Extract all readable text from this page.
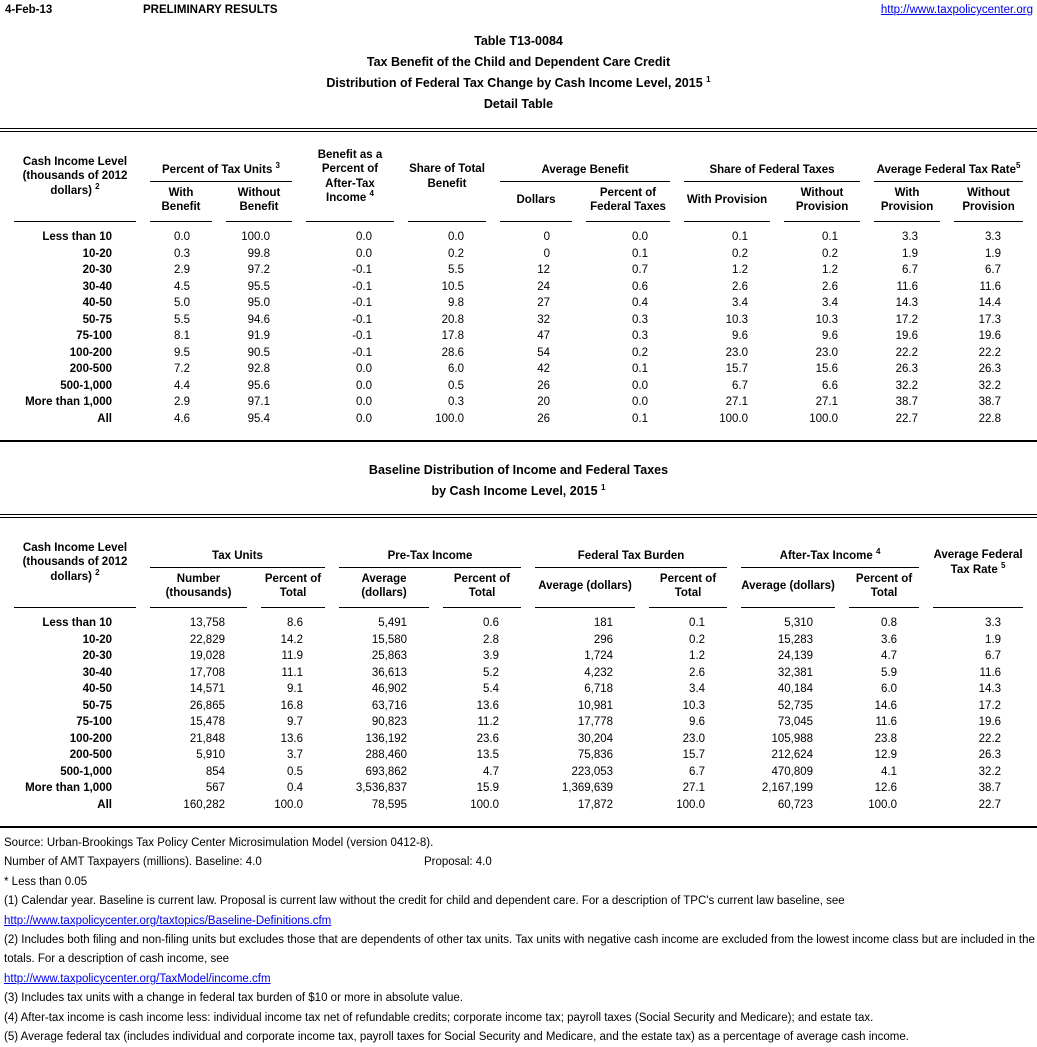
4-Feb-13	PRELIMINARY RESULTS	http://www.taxpolicycenter.org
Table T13-0084
Tax Benefit of the Child and Dependent Care Credit
Distribution of Federal Tax Change by Cash Income Level, 2015 $^1$
Detail Table
Cash Income Level (thousands of 2012 dollars) $^2$	Percent of Tax Units $^3$		Benefit as a Percent of After-Tax Income $^4$	Share of Total Benefit	Average Benefit		Share of Federal Taxes		Average Federal Tax Rate$^5$
	With Benefit	Without Benefit			Dollars	Percent of Federal Taxes	With Provision	Without Provision	With Provision	Without Provision
Less than 10	0.0	100.0	0.0	0.0	0	0.0	0.1	0.1	3.3	3.3
10-20	0.3	99.8	0.0	0.2	0	0.1	0.2	0.2	1.9	1.9
20-30	2.9	97.2	-0.1	5.5	12	0.7	1.2	1.2	6.7	6.7
30-40	4.5	95.5	-0.1	10.5	24	0.6	2.6	2.6	11.6	11.6
40-50	5.0	95.0	-0.1	9.8	27	0.4	3.4	3.4	14.3	14.4
50-75	5.5	94.6	-0.1	20.8	32	0.3	10.3	10.3	17.2	17.3
75-100	8.1	91.9	-0.1	17.8	47	0.3	9.6	9.6	19.6	19.6
100-200	9.5	90.5	-0.1	28.6	54	0.2	23.0	23.0	22.2	22.2
200-500	7.2	92.8	0.0	6.0	42	0.1	15.7	15.6	26.3	26.3
500-1,000	4.4	95.6	0.0	0.5	26	0.0	6.7	6.6	32.2	32.2
More than 1,000	2.9	97.1	0.0	0.3	20	0.0	27.1	27.1	38.7	38.7
All	4.6	95.4	0.0	100.0	26	0.1	100.0	100.0	22.7	22.8
Baseline Distribution of Income and Federal Taxes
by Cash Income Level, 2015 $^1$
Cash Income Level (thousands of 2012 dollars) $^2$	Tax Units		Pre-Tax Income		Federal Tax Burden		After-Tax Income $^4$		Average Federal Tax Rate $^5$
	Number (thousands)	Percent of Total	Average (dollars)	Percent of Total	Average (dollars)	Percent of Total	Average (dollars)	Percent of Total	
Less than 10	13,758	8.6	5,491	0.6	181	0.1	5,310	0.8	3.3
10-20	22,829	14.2	15,580	2.8	296	0.2	15,283	3.6	1.9
20-30	19,028	11.9	25,863	3.9	1,724	1.2	24,139	4.7	6.7
30-40	17,708	11.1	36,613	5.2	4,232	2.6	32,381	5.9	11.6
40-50	14,571	9.1	46,902	5.4	6,718	3.4	40,184	6.0	14.3
50-75	26,865	16.8	63,716	13.6	10,981	10.3	52,735	14.6	17.2
75-100	15,478	9.7	90,823	11.2	17,778	9.6	73,045	11.6	19.6
100-200	21,848	13.6	136,192	23.6	30,204	23.0	105,988	23.8	22.2
200-500	5,910	3.7	288,460	13.5	75,836	15.7	212,624	12.9	26.3
500-1,000	854	0.5	693,862	4.7	223,053	6.7	470,809	4.1	32.2
More than 1,000	567	0.4	3,536,837	15.9	1,369,639	27.1	2,167,199	12.6	38.7
All	160,282	100.0	78,595	100.0	17,872	100.0	60,723	100.0	22.7
Source: Urban-Brookings Tax Policy Center Microsimulation Model (version 0412-8).
Number of AMT Taxpayers (millions). Baseline: 4.0	Proposal: 4.0
* Less than 0.05
(1) Calendar year. Baseline is current law. Proposal is current law without the credit for child and dependent care. For a description of TPC's current law baseline, see
http://www.taxpolicycenter.org/taxtopics/Baseline-Definitions.cfm
(2) Includes both filing and non-filing units but excludes those that are dependents of other tax units. Tax units with negative cash income are excluded from the lowest income class but are included in the totals. For a description of cash income, see
http://www.taxpolicycenter.org/TaxModel/income.cfm
(3) Includes tax units with a change in federal tax burden of $10 or more in absolute value.
(4) After-tax income is cash income less: individual income tax net of refundable credits; corporate income tax; payroll taxes (Social Security and Medicare); and estate tax.
(5) Average federal tax (includes individual and corporate income tax, payroll taxes for Social Security and Medicare, and the estate tax) as a percentage of average cash income.
